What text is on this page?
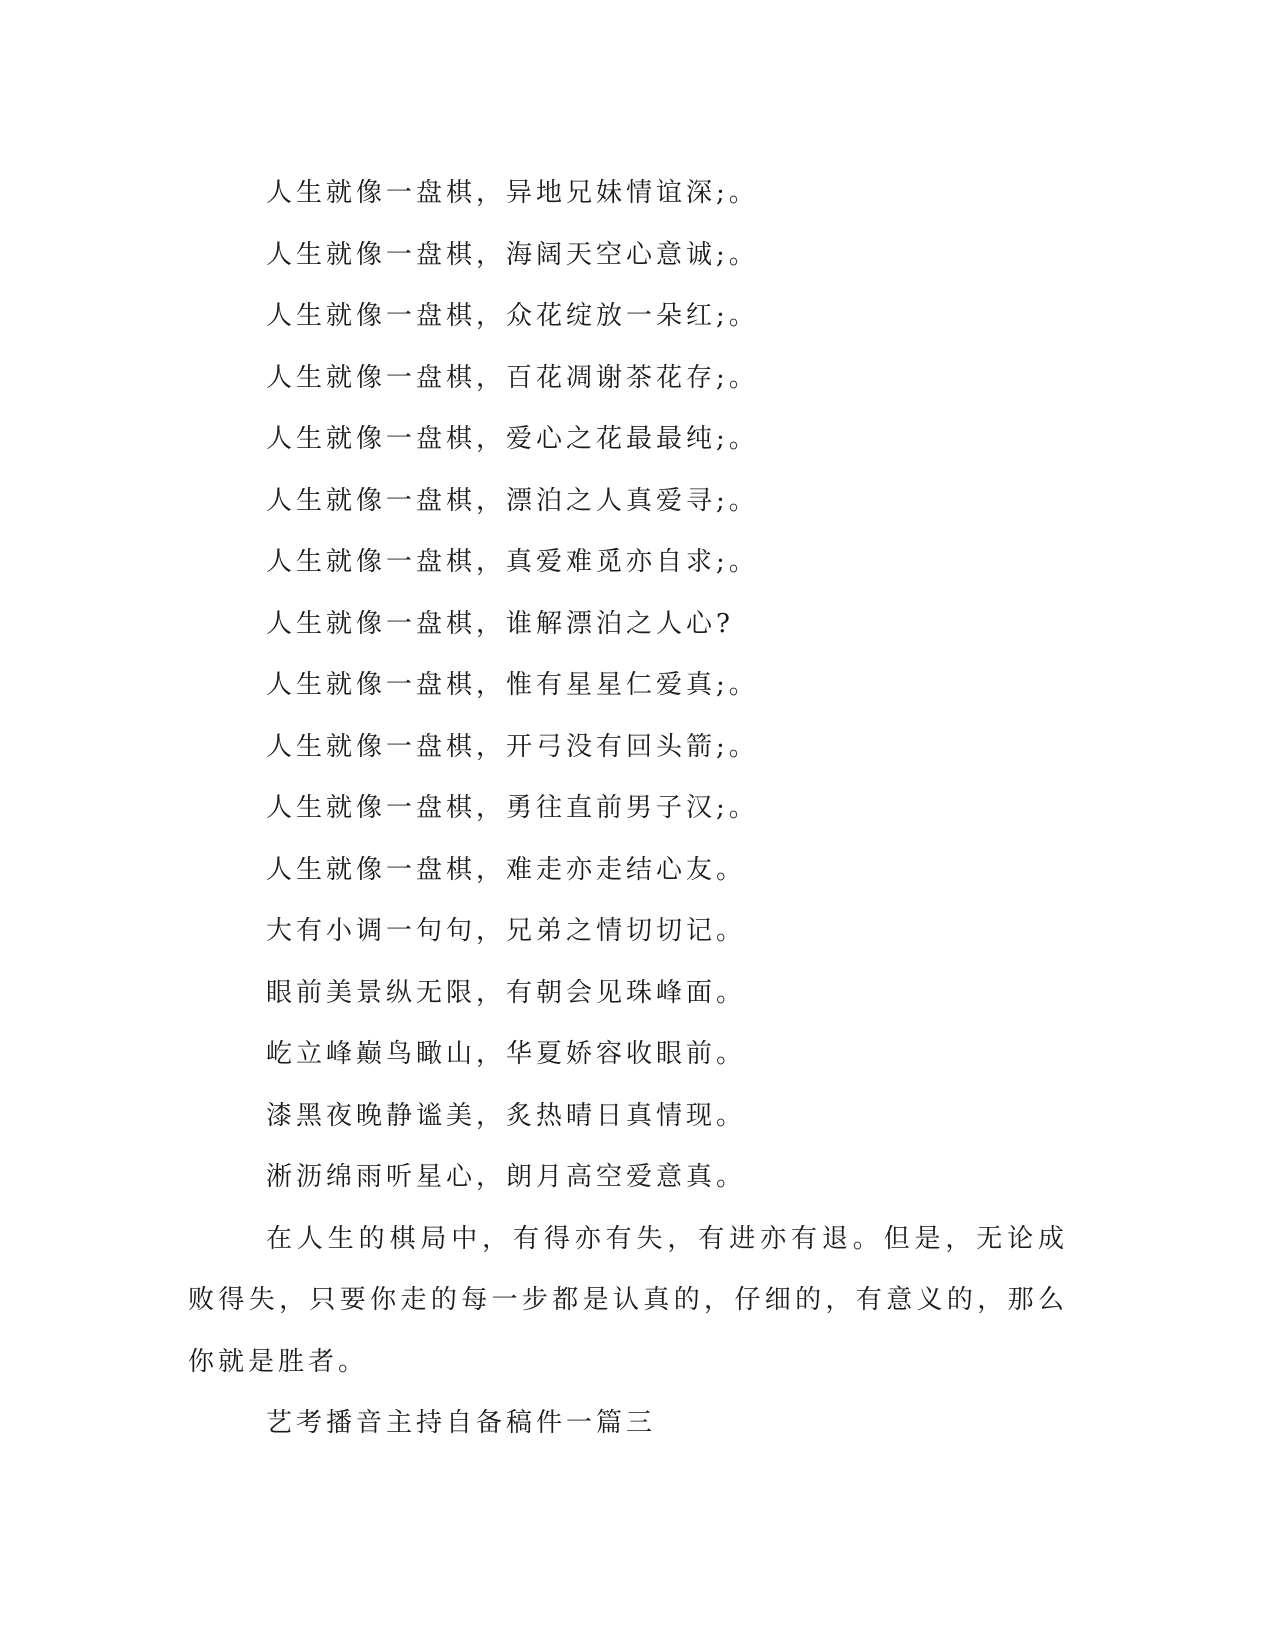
人生就像一盘棋，异地兄妹情谊深;。
人生就像一盘棋，海阔天空心意诚;。
人生就像一盘棋，众花绽放一朵红;。
人生就像一盘棋，百花凋谢茶花存;。
人生就像一盘棋，爱心之花最最纯;。
人生就像一盘棋，漂泊之人真爱寻;。
人生就像一盘棋，真爱难觅亦自求;。
人生就像一盘棋，谁解漂泊之人心?
人生就像一盘棋，惟有星星仁爱真;。
人生就像一盘棋，开弓没有回头箭;。
人生就像一盘棋，勇往直前男子汉;。
人生就像一盘棋，难走亦走结心友。
大有小调一句句，兄弟之情切切记。
眼前美景纵无限，有朝会见珠峰面。
屹立峰巅鸟瞰山，华夏娇容收眼前。
漆黑夜晚静谧美，炙热晴日真情现。
淅沥绵雨听星心，朗月高空爱意真。
在人生的棋局中，有得亦有失，有进亦有退。但是，无论成败得失，只要你走的每一步都是认真的，仔细的，有意义的，那么你就是胜者。
艺考播音主持自备稿件一篇三
